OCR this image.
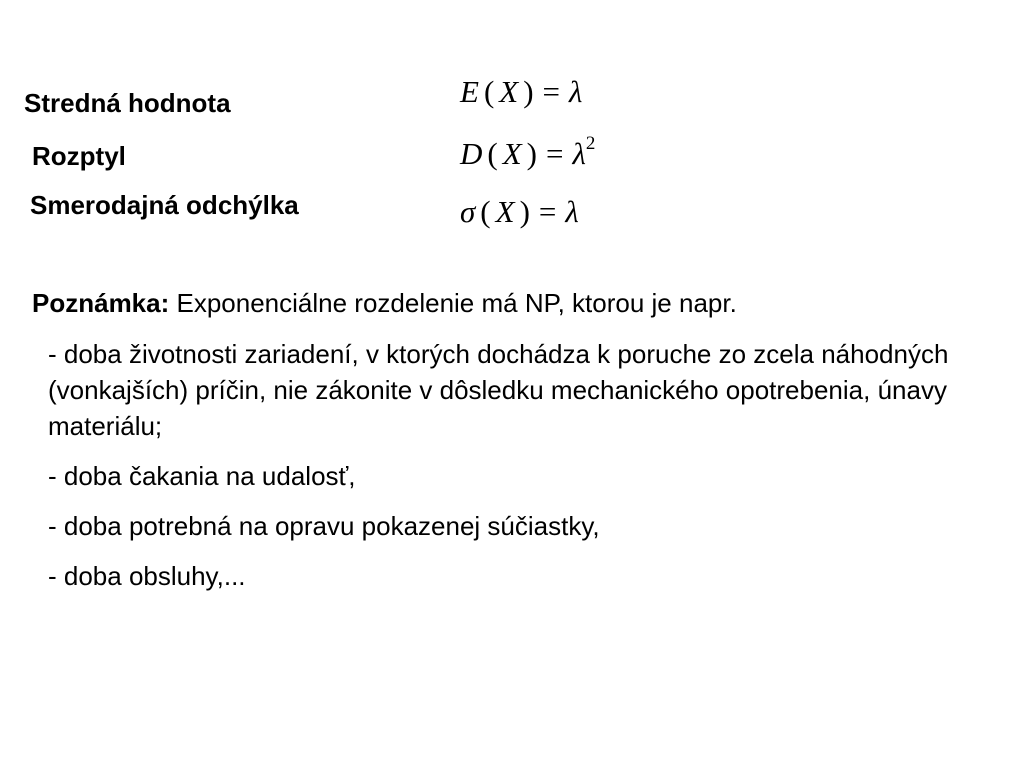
Stredná hodnota	E ( X ) = λ
Rozptyl	D ( X ) = $\lambda^2$
Smerodajná odchýlka	σ ( X ) = λ
Poznámka: Exponenciálne rozdelenie má NP, ktorou je napr.
- doba životnosti zariadení, v ktorých dochádza k poruche zo zcela náhodných (vonkajších) príčin, nie zákonite v dôsledku mechanického opotrebenia, únavy materiálu;
- doba čakania na udalosť,
- doba potrebná na opravu pokazenej súčiastky,
- doba obsluhy,...
